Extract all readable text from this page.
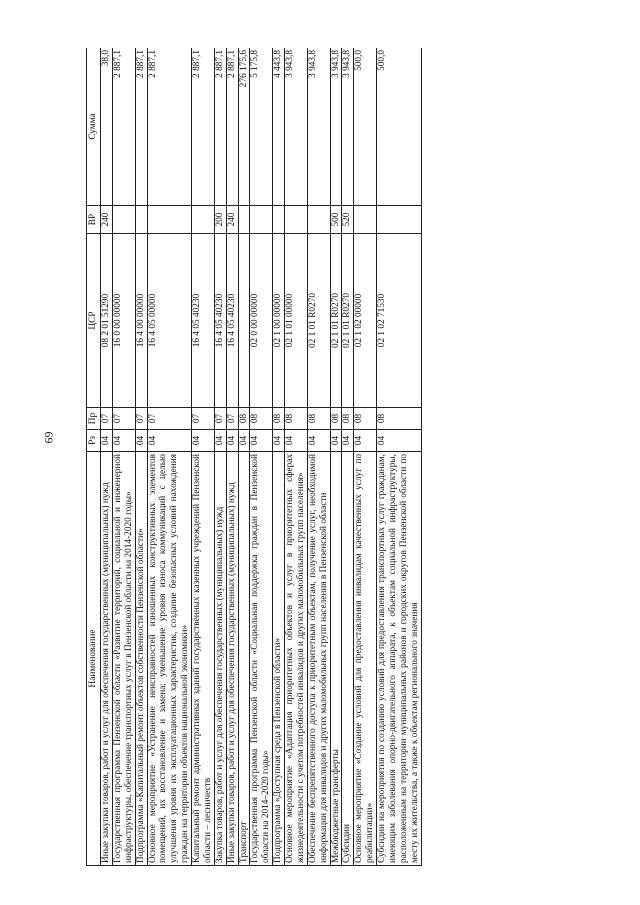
69
Наименование	Рз	Пр	ЦСР	ВР	Сумма
Иные закупки товаров, работ и услуг для обеспечения государственных (муниципальных) нужд	04	07	08 2 01 51290	240	38,0
Государственная программа Пензенской области «Развитие территорий, социальной и инженерной инфраструктуры, обеспечение транспортных услуг в Пензенской области на 2014-2020 годы»	04	07	16 0 00 00000		2 887,1
Подпрограмма «Капитальный ремонт объектов собственности Пензенской области»	04	07	16 4 00 00000		2 887,1
Основное мероприятие «Устранение неисправностей изношенных конструктивных элементов помещений, их восстановление и замена; уменьшение уровня износа коммуникаций с целью улучшения уровня их эксплуатационных характеристик, создание безопасных условий нахождения граждан на территории объектов национальной экономики»	04	07	16 4 05 00000		2 887,1
Капитальный ремонт административных зданий государственных казенных учреждений Пензенской области – лесничеств	04	07	16 4 05 40230		2 887,1
Закупка товаров, работ и услуг для обеспечения государственных (муниципальных) нужд	04	07	16 4 05 40230	200	2 887,1
Иные закупки товаров, работ и услуг для обеспечения государственных (муниципальных) нужд	04	07	16 4 05 40230	240	2 887,1
Транспорт	04	08			276 175,6
Государственная программа Пензенской области «Социальная поддержка граждан в Пензенской области на 2014–2020 годы»	04	08	02 0 00 00000		5 175,8
Подпрограмма «Доступная среда в Пензенской области»	04	08	02 1 00 00000		4 443,8
Основное мероприятие «Адаптация приоритетных объектов и услуг в приоритетных сферах жизнедеятельности с учетом потребностей инвалидов и других маломобильных групп населения»	04	08	02 1 01 00000		3 943,8
Обеспечение беспрепятственного доступа к приоритетным объектам, получение услуг, необходимой информации для инвалидов и других маломобильных групп населения в Пензенской области	04	08	02 1 01 R0270		3 943,8
Межбюджетные трансферты	04	08	02 1 01 R0270	500	3 943,8
Субсидии	04	08	02 1 01 R0270	520	3 943,8
Основное мероприятие «Создание условий для предоставления инвалидам качественных услуг по реабилитации»	04	08	02 1 02 00000		500,0
Субсидии на мероприятия по созданию условий для предоставления транспортных услуг гражданам, имеющим заболевания опорно-двигательного аппарата, к объектам социальной инфраструктуры, расположенным на территории муниципальных районов и городских округов Пензенской области по месту их жительства, а также к объектам регионального значения	04	08	02 1 02 71530		500,0
